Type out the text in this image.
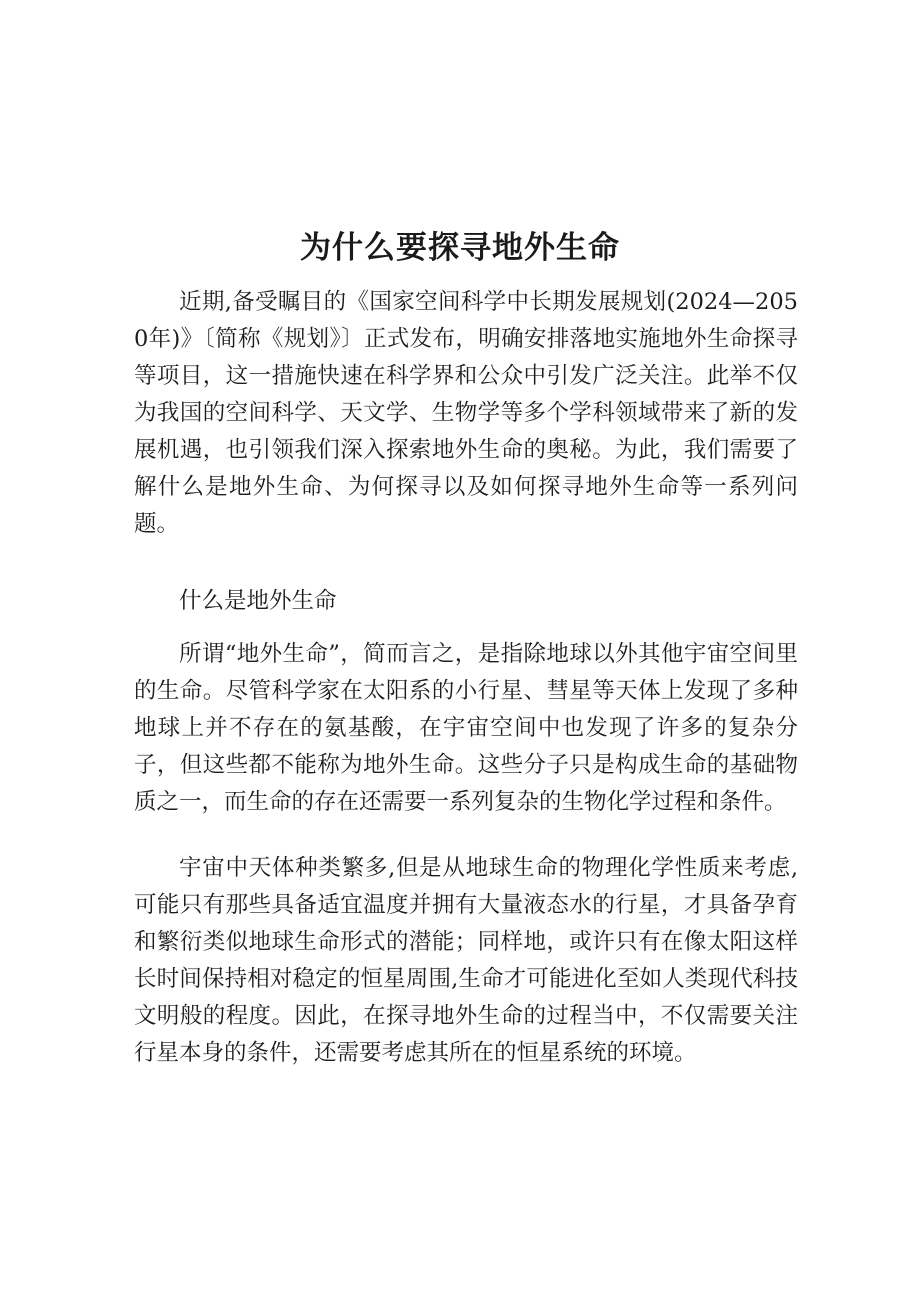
为什么要探寻地外生命

近期,备受瞩目的《国家空间科学中长期发展规划(2024—2050年)》〔简称《规划》〕正式发布，明确安排落地实施地外生命探寻等项目，这一措施快速在科学界和公众中引发广泛关注。此举不仅为我国的空间科学、天文学、生物学等多个学科领域带来了新的发展机遇，也引领我们深入探索地外生命的奥秘。为此，我们需要了解什么是地外生命、为何探寻以及如何探寻地外生命等一系列问题。

什么是地外生命

所谓“地外生命”，简而言之，是指除地球以外其他宇宙空间里的生命。尽管科学家在太阳系的小行星、彗星等天体上发现了多种地球上并不存在的氨基酸，在宇宙空间中也发现了许多的复杂分子，但这些都不能称为地外生命。这些分子只是构成生命的基础物质之一，而生命的存在还需要一系列复杂的生物化学过程和条件。

宇宙中天体种类繁多,但是从地球生命的物理化学性质来考虑,可能只有那些具备适宜温度并拥有大量液态水的行星，才具备孕育和繁衍类似地球生命形式的潜能；同样地，或许只有在像太阳这样长时间保持相对稳定的恒星周围,生命才可能进化至如人类现代科技文明般的程度。因此，在探寻地外生命的过程当中，不仅需要关注行星本身的条件，还需要考虑其所在的恒星系统的环境。
